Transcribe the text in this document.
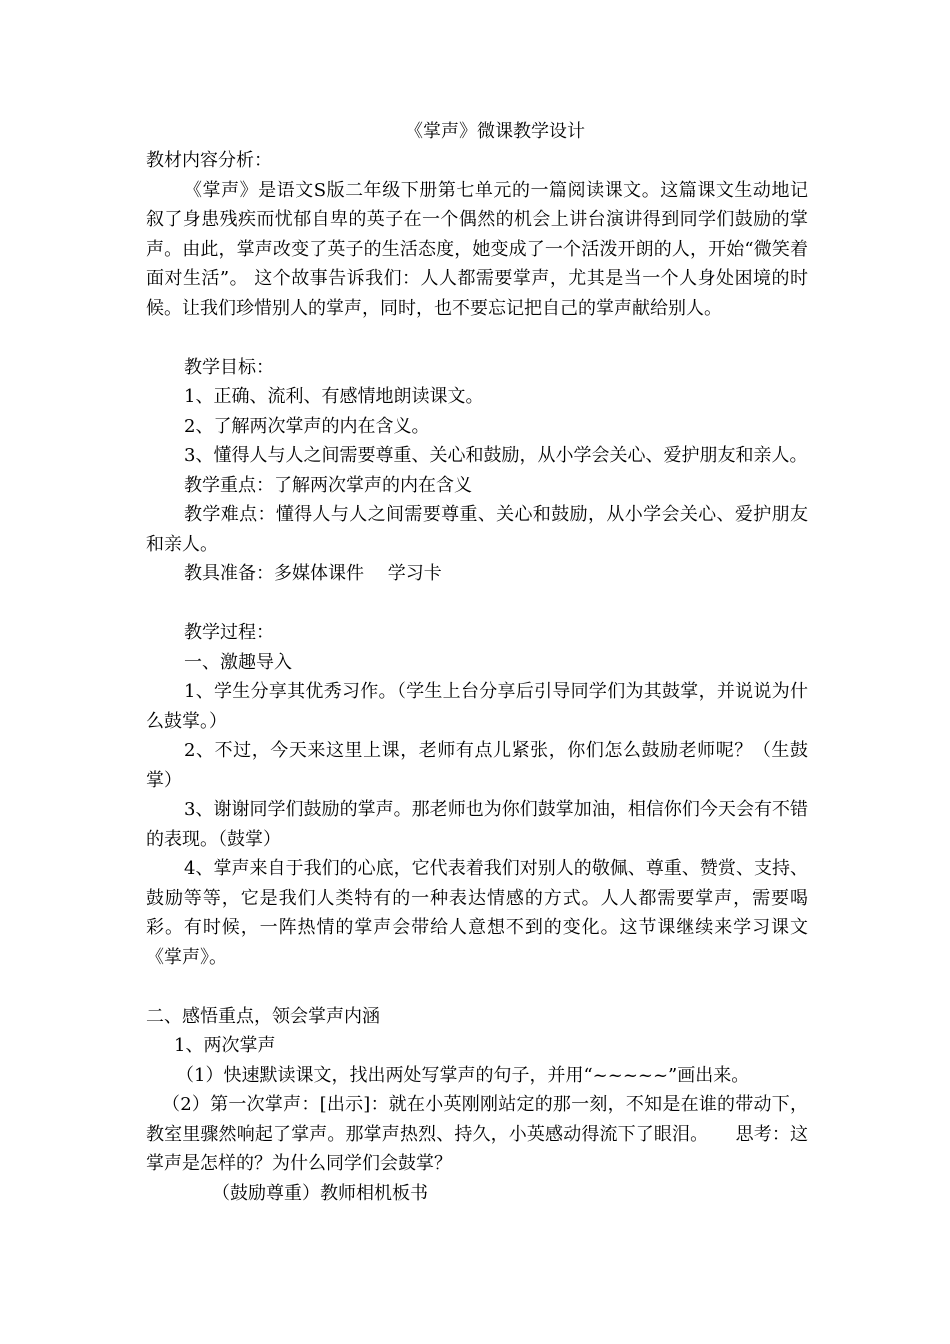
《掌声》微课教学设计

教材内容分析：

《掌声》是语文S版二年级下册第七单元的一篇阅读课文。这篇课文生动地记叙了身患残疾而忧郁自卑的英子在一个偶然的机会上讲台演讲得到同学们鼓励的掌声。由此，掌声改变了英子的生活态度，她变成了一个活泼开朗的人，开始“微笑着面对生活”。 这个故事告诉我们：人人都需要掌声，尤其是当一个人身处困境的时候。让我们珍惜别人的掌声，同时，也不要忘记把自己的掌声献给别人。

教学目标：

1、正确、流利、有感情地朗读课文。

2、了解两次掌声的内在含义。

3、懂得人与人之间需要尊重、关心和鼓励，从小学会关心、爱护朋友和亲人。

教学重点：了解两次掌声的内在含义

教学难点：懂得人与人之间需要尊重、关心和鼓励，从小学会关心、爱护朋友和亲人。

教具准备：多媒体课件　 学习卡

教学过程：

一、激趣导入

1、学生分享其优秀习作。（学生上台分享后引导同学们为其鼓掌，并说说为什么鼓掌。）

2、不过，今天来这里上课，老师有点儿紧张，你们怎么鼓励老师呢？（生鼓掌）

3、谢谢同学们鼓励的掌声。那老师也为你们鼓掌加油，相信你们今天会有不错的表现。（鼓掌）

4、掌声来自于我们的心底，它代表着我们对别人的敬佩、尊重、赞赏、支持、鼓励等等，它是我们人类特有的一种表达情感的方式。人人都需要掌声，需要喝彩。有时候，一阵热情的掌声会带给人意想不到的变化。这节课继续来学习课文《掌声》。

二、感悟重点，领会掌声内涵

1、两次掌声

（1）快速默读课文，找出两处写掌声的句子，并用“~~~~~”画出来。

（2）第一次掌声：[出示]：就在小英刚刚站定的那一刻，不知是在谁的带动下，教室里骤然响起了掌声。那掌声热烈、持久，小英感动得流下了眼泪。　　思考：这掌声是怎样的？为什么同学们会鼓掌？

（鼓励尊重）教师相机板书
